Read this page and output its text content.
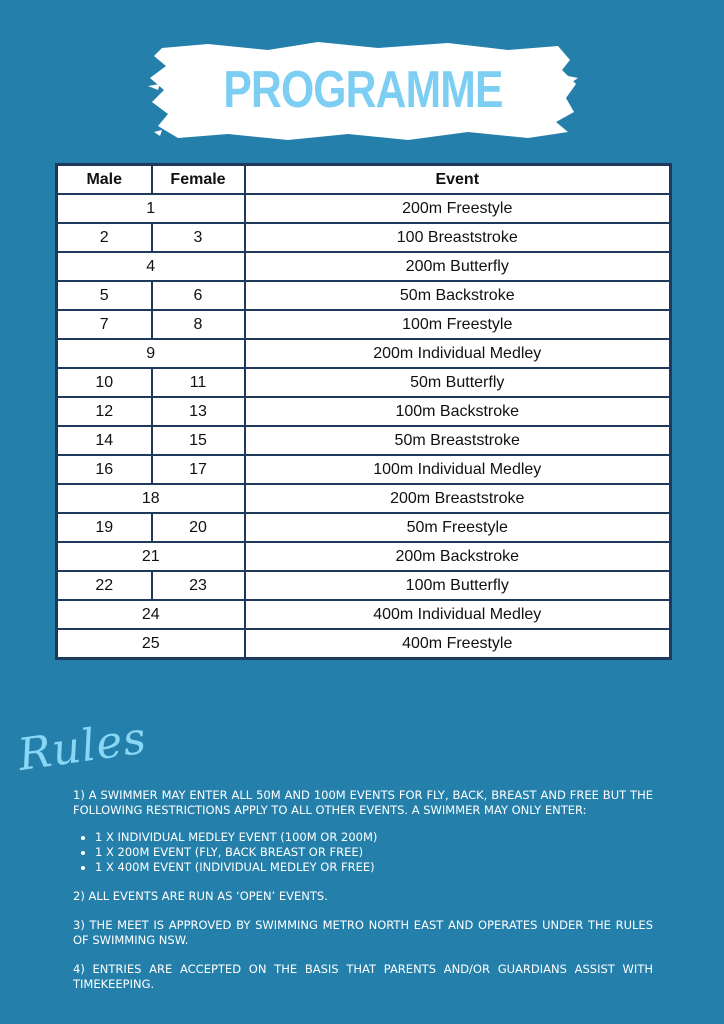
PROGRAMME
Male	Female	Event
1		200m Freestyle
2	3	100 Breaststroke
4		200m Butterfly
5	6	50m Backstroke
7	8	100m Freestyle
9		200m Individual Medley
10	11	50m Butterfly
12	13	100m Backstroke
14	15	50m Breaststroke
16	17	100m Individual Medley
18		200m Breaststroke
19	20	50m Freestyle
21		200m Backstroke
22	23	100m Butterfly
24		400m Individual Medley
25		400m Freestyle
Rules

1) A SWIMMER MAY ENTER ALL 50M AND 100M EVENTS FOR FLY, BACK, BREAST AND FREE BUT THE FOLLOWING RESTRICTIONS APPLY TO ALL OTHER EVENTS. A SWIMMER MAY ONLY ENTER:

• 1 X INDIVIDUAL MEDLEY EVENT (100M OR 200M)
• 1 X 200M EVENT (FLY, BACK BREAST OR FREE)
• 1 X 400M EVENT (INDIVIDUAL MEDLEY OR FREE)

2) ALL EVENTS ARE RUN AS ‘OPEN’ EVENTS.

3) THE MEET IS APPROVED BY SWIMMING METRO NORTH EAST AND OPERATES UNDER THE RULES OF SWIMMING NSW.

4) ENTRIES ARE ACCEPTED ON THE BASIS THAT PARENTS AND/OR GUARDIANS ASSIST WITH TIMEKEEPING.
